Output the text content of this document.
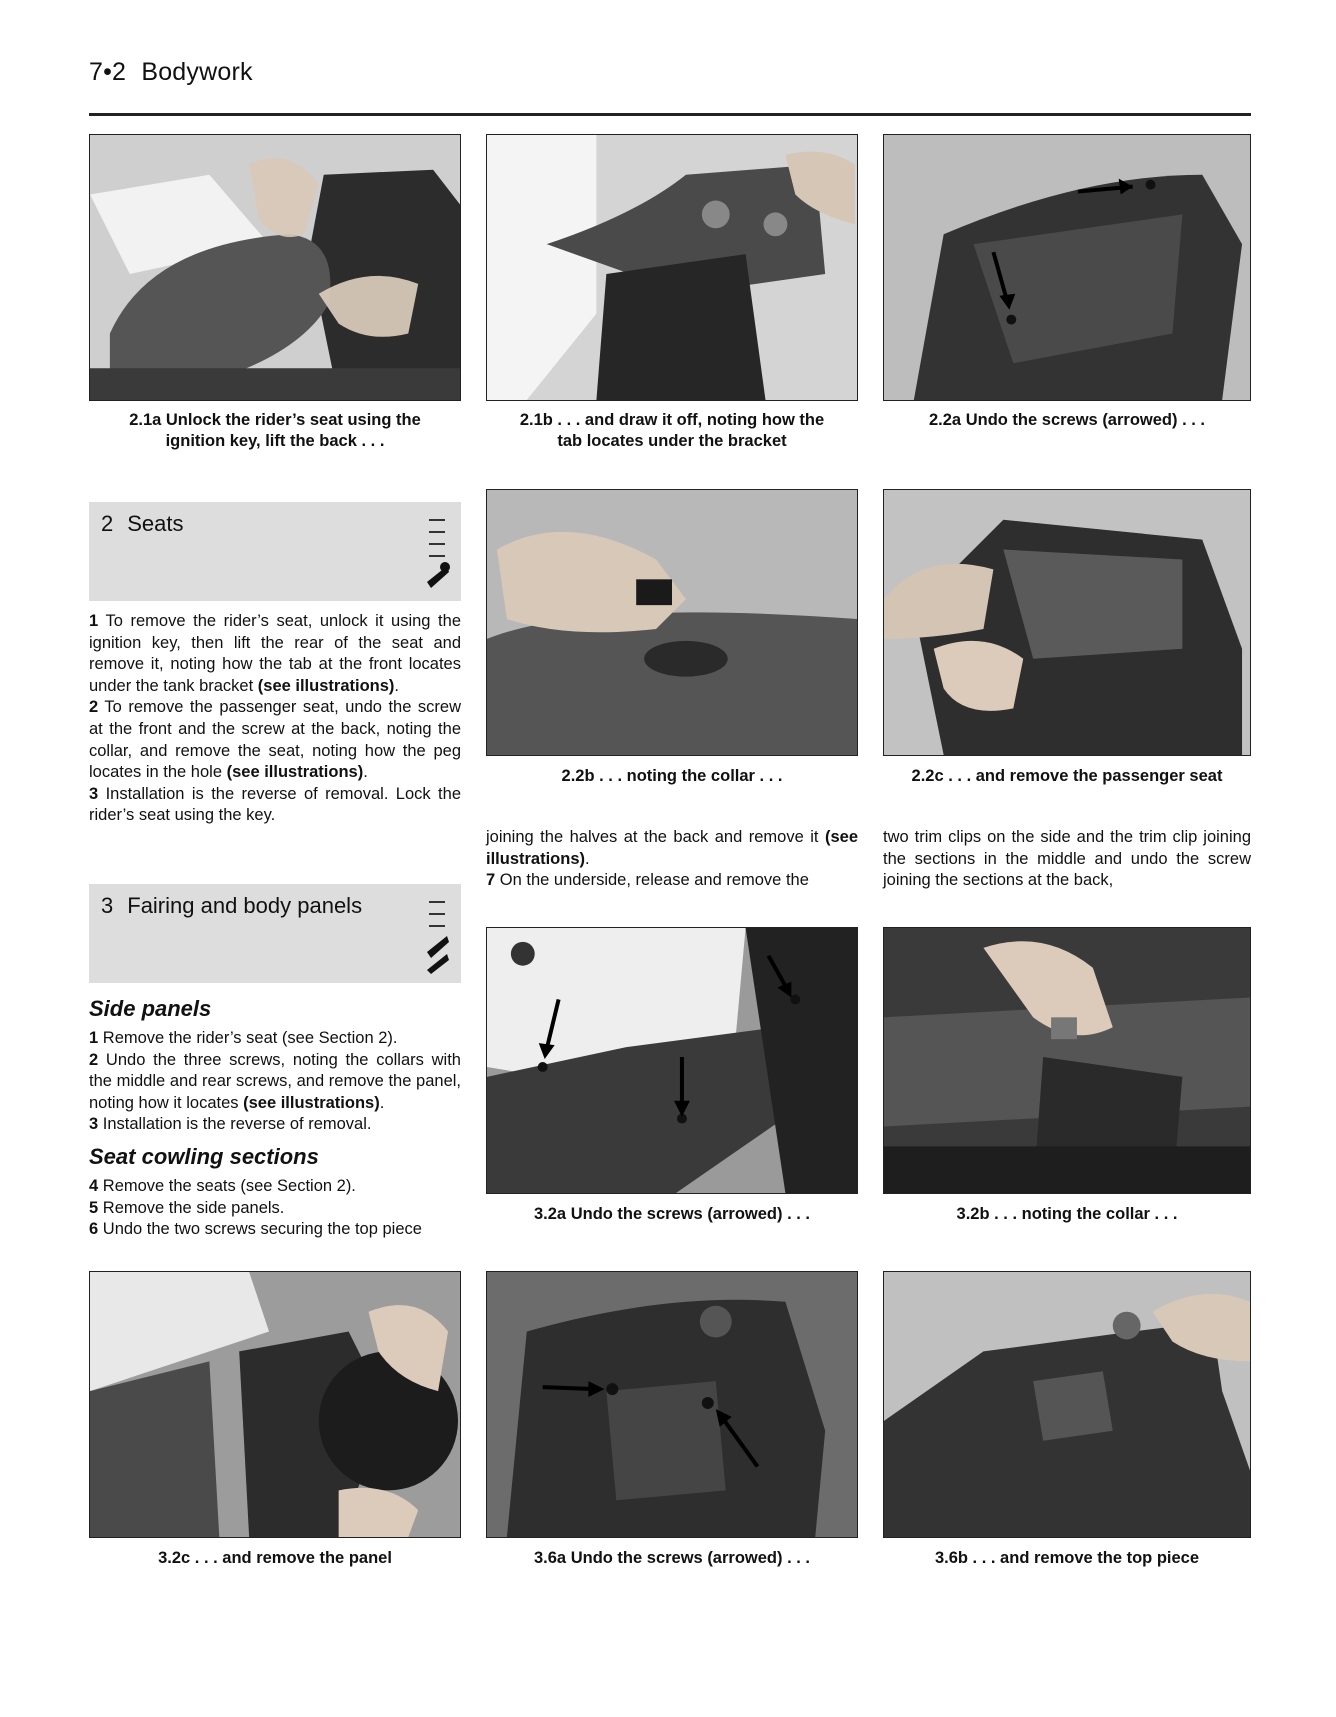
7•2 Bodywork
2.1a Unlock the rider’s seat using the
ignition key, lift the back . . .
2.1b . . . and draw it off, noting how the
tab locates under the bracket
2.2a Undo the screws (arrowed) . . .
2 Seats

1 To remove the rider’s seat, unlock it using the ignition key, then lift the rear of the seat and remove it, noting how the tab at the front locates under the tank bracket (see illustrations).

2 To remove the passenger seat, undo the screw at the front and the screw at the back, noting the collar, and remove the seat, noting how the peg locates in the hole (see illustrations).

3 Installation is the reverse of removal. Lock the rider’s seat using the key.

2.2b . . . noting the collar . . .	2.2c . . . and remove the passenger seat

joining the halves at the back and remove it (see illustrations).

7 On the underside, release and remove the

two trim clips on the side and the trim clip joining the sections in the middle and undo the screw joining the sections at the back,

3 Fairing and body panels
Side panels

1 Remove the rider’s seat (see Section 2).

2 Undo the three screws, noting the collars with the middle and rear screws, and remove the panel, noting how it locates (see illustrations).

3 Installation is the reverse of removal.

Seat cowling sections

4 Remove the seats (see Section 2).

5 Remove the side panels.

6 Undo the two screws securing the top piece

3.2a Undo the screws (arrowed) . . .	3.2b . . . noting the collar . . .
3.2c . . . and remove the panel	3.6a Undo the screws (arrowed) . . .	3.6b . . . and remove the top piece
